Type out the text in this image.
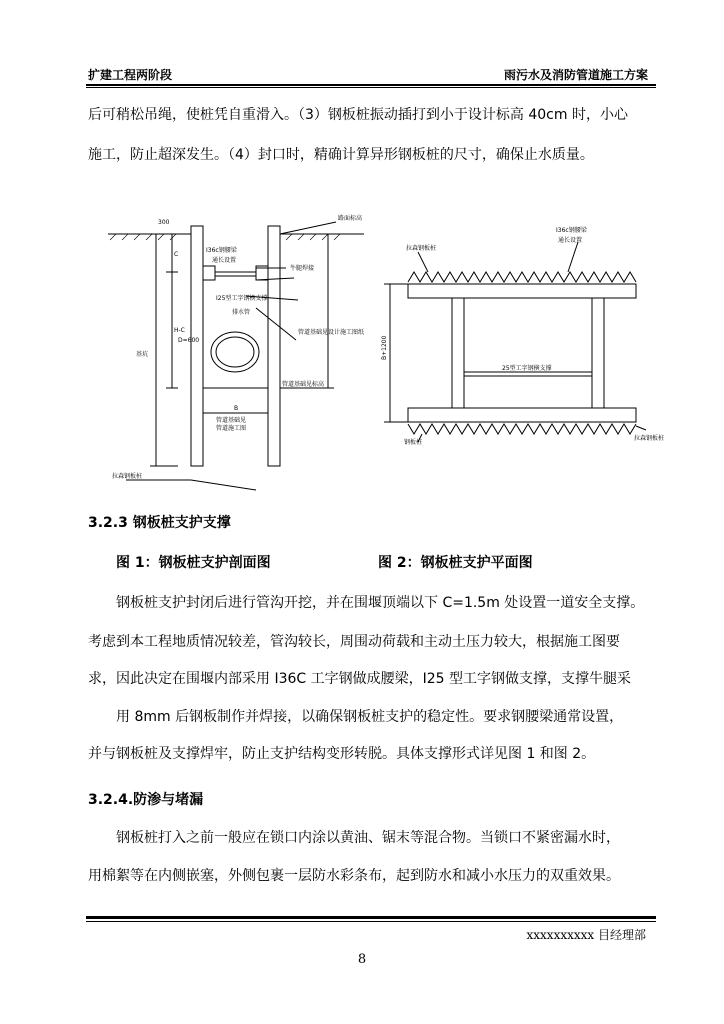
扩建工程两阶段	雨污水及消防管道施工方案
后可稍松吊绳，使桩凭自重滑入。（3）钢板桩振动插打到小于设计标高 40cm 时，小心
施工，防止超深发生。（4）封口时，精确计算异形钢板桩的尺寸，确保止水质量。
路面标高
I36c钢腰梁
通长设置
牛腿焊接
I25型工字钢横支撑
排水管
管道基础见设计施工图纸
管道基础见标高
C
H-C
D=600
基坑
B
管道基础见
管道施工图
拉森钢板桩
300
拉森钢板桩
I36c钢腰梁
通长设置
25型工字钢横支撑
B+1200
钢板桩
拉森钢板桩
3.2.3 钢板桩支护支撑
图 1：钢板桩支护剖面图	图 2：钢板桩支护平面图
钢板桩支护封闭后进行管沟开挖，并在围堰顶端以下 C=1.5m 处设置一道安全支撑。
考虑到本工程地质情况较差，管沟较长，周围动荷载和主动土压力较大，根据施工图要
求，因此决定在围堰内部采用 I36C 工字钢做成腰梁，I25 型工字钢做支撑，支撑牛腿采
用 8mm 后钢板制作并焊接，以确保钢板桩支护的稳定性。要求钢腰梁通常设置，
并与钢板桩及支撑焊牢，防止支护结构变形转脱。具体支撑形式详见图 1 和图 2。
3.2.4.防渗与堵漏
钢板桩打入之前一般应在锁口内涂以黄油、锯末等混合物。当锁口不紧密漏水时，
用棉絮等在内侧嵌塞，外侧包裹一层防水彩条布，起到防水和减小水压力的双重效果。
xxxxxxxxxx 目经理部
8
